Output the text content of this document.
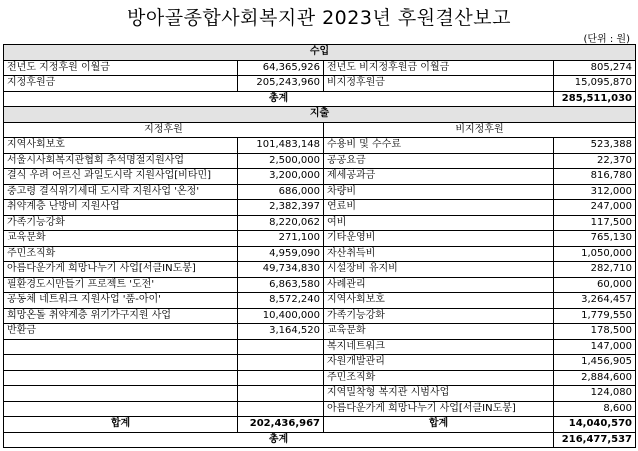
방아골종합사회복지관 2023년 후원결산보고
(단위 : 원)
수입			
전년도 지정후원 이월금	64,365,926	전년도 비지정후원금 이월금	805,274
지정후원금	205,243,960	비지정후원금	15,095,870
총계			285,511,030
지출			
지정후원		비지정후원	
지역사회보호	101,483,148	수용비 및 수수료	523,388
서울시사회복지관협회 추석명절지원사업	2,500,000	공공요금	22,370
결식 우려 어르신 과일도시락 지원사업[비타민]	3,200,000	제세공과금	816,780
중고령 결식위기세대 도시락 지원사업 '온정'	686,000	차량비	312,000
취약계층 난방비 지원사업	2,382,397	연료비	247,000
가족기능강화	8,220,062	여비	117,500
교육문화	271,100	기타운영비	765,130
주민조직화	4,959,090	자산취득비	1,050,000
아름다운가게 희망나누기 사업[서클IN도봉]	49,734,830	시설장비 유지비	282,710
필환경도시만들기 프로젝트 '도전'	6,863,580	사례관리	60,000
공동체 네트워크 지원사업 '품-아이'	8,572,240	지역사회보호	3,264,457
희망온돌 취약계층 위기가구지원 사업	10,400,000	가족기능강화	1,779,550
반환금	3,164,520	교육문화	178,500
		복지네트워크	147,000
		자원개발관리	1,456,905
		주민조직화	2,884,600
		지역밀착형 복지관 시범사업	124,080
		아름다운가게 희망나누기 사업[서클IN도봉]	8,600
합계	202,436,967	합계	14,040,570
총계			216,477,537
